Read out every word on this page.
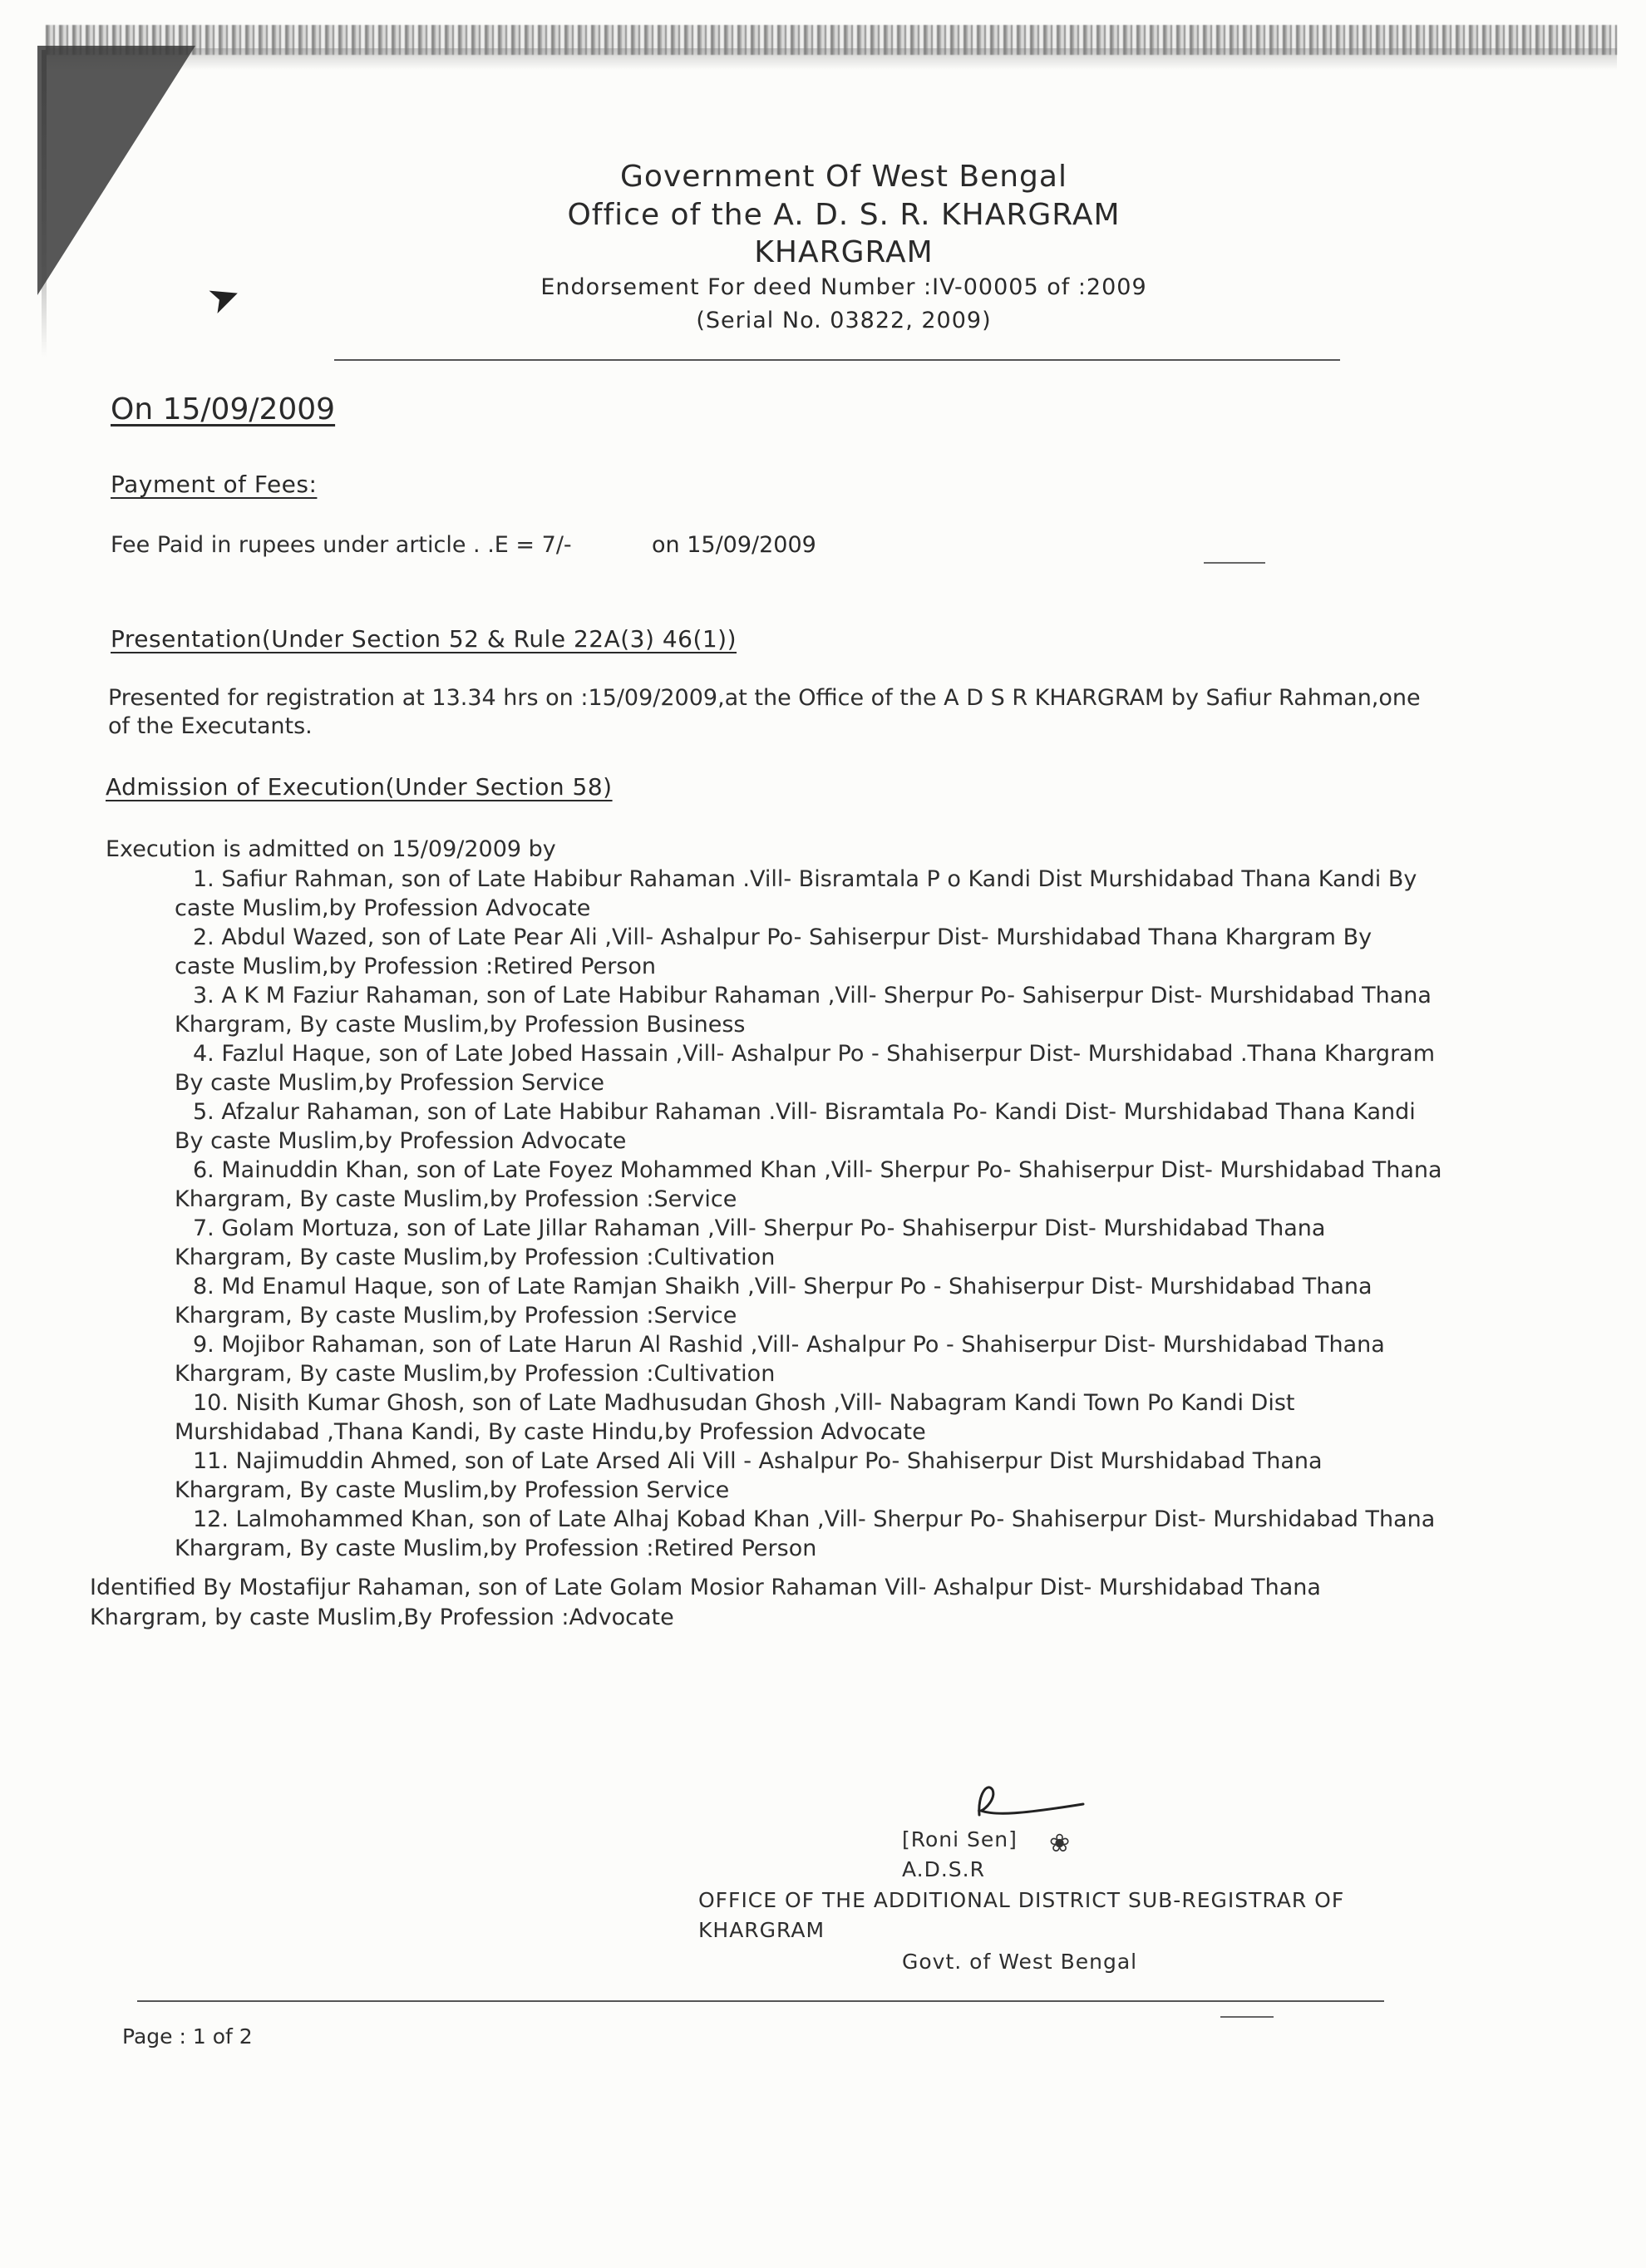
➤

Government Of West Bengal

Office of the A. D. S. R. KHARGRAM

KHARGRAM

Endorsement For deed Number :IV-00005 of :2009

(Serial No. 03822, 2009)

On 15/09/2009
Payment of Fees:
Fee Paid in rupees under article . .E = 7/-	on 15/09/2009
Presentation(Under Section 52 & Rule 22A(3) 46(1))
Presented for registration at 13.34 hrs on :15/09/2009,at the Office of the A D S R KHARGRAM by Safiur Rahman,one
of the Executants.
Admission of Execution(Under Section 58)
Execution is admitted on 15/09/2009 by
1. Safiur Rahman, son of Late Habibur Rahaman .Vill- Bisramtala P o Kandi Dist Murshidabad Thana Kandi By
caste Muslim,by Profession Advocate
2. Abdul Wazed, son of Late Pear Ali ,Vill- Ashalpur Po- Sahiserpur Dist- Murshidabad Thana Khargram By
caste Muslim,by Profession :Retired Person
3. A K M Faziur Rahaman, son of Late Habibur Rahaman ,Vill- Sherpur Po- Sahiserpur Dist- Murshidabad Thana
Khargram, By caste Muslim,by Profession Business
4. Fazlul Haque, son of Late Jobed Hassain ,Vill- Ashalpur Po - Shahiserpur Dist- Murshidabad .Thana Khargram
By caste Muslim,by Profession Service
5. Afzalur Rahaman, son of Late Habibur Rahaman .Vill- Bisramtala Po- Kandi Dist- Murshidabad Thana Kandi
By caste Muslim,by Profession Advocate
6. Mainuddin Khan, son of Late Foyez Mohammed Khan ,Vill- Sherpur Po- Shahiserpur Dist- Murshidabad Thana
Khargram, By caste Muslim,by Profession :Service
7. Golam Mortuza, son of Late Jillar Rahaman ,Vill- Sherpur Po- Shahiserpur Dist- Murshidabad Thana
Khargram, By caste Muslim,by Profession :Cultivation
8. Md Enamul Haque, son of Late Ramjan Shaikh ,Vill- Sherpur Po - Shahiserpur Dist- Murshidabad Thana
Khargram, By caste Muslim,by Profession :Service
9. Mojibor Rahaman, son of Late Harun Al Rashid ,Vill- Ashalpur Po - Shahiserpur Dist- Murshidabad Thana
Khargram, By caste Muslim,by Profession :Cultivation
10. Nisith Kumar Ghosh, son of Late Madhusudan Ghosh ,Vill- Nabagram Kandi Town Po Kandi Dist
Murshidabad ,Thana Kandi, By caste Hindu,by Profession Advocate
11. Najimuddin Ahmed, son of Late Arsed Ali Vill - Ashalpur Po- Shahiserpur Dist Murshidabad Thana
Khargram, By caste Muslim,by Profession Service
12. Lalmohammed Khan, son of Late Alhaj Kobad Khan ,Vill- Sherpur Po- Shahiserpur Dist- Murshidabad Thana
Khargram, By caste Muslim,by Profession :Retired Person
Identified By Mostafijur Rahaman, son of Late Golam Mosior Rahaman Vill- Ashalpur Dist- Murshidabad Thana
Khargram, by caste Muslim,By Profession :Advocate
❀
[Roni Sen]
A.D.S.R
OFFICE OF THE ADDITIONAL DISTRICT SUB-REGISTRAR OF
KHARGRAM
Govt. of West Bengal
Page : 1 of 2
